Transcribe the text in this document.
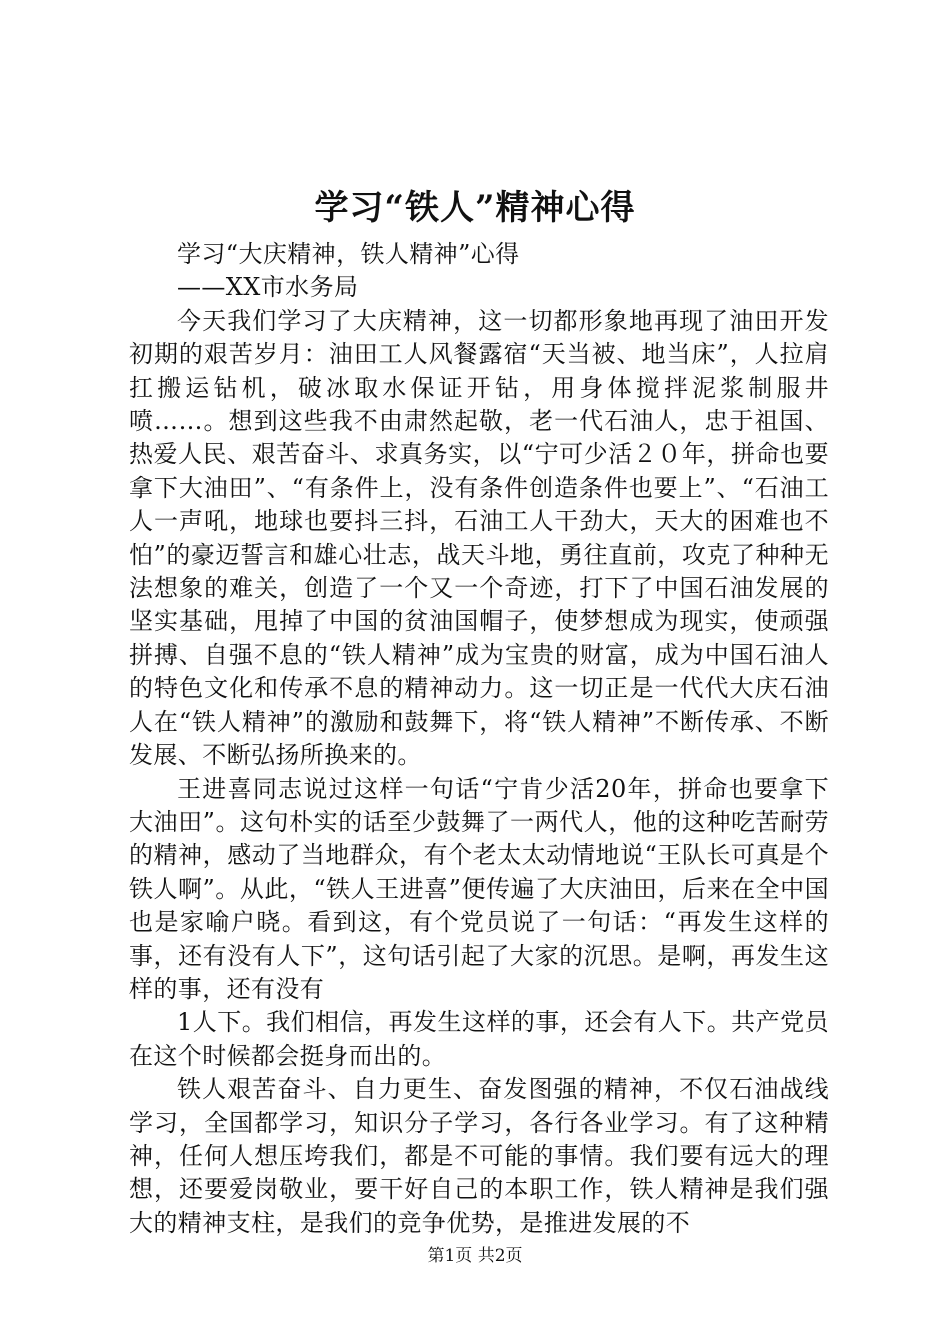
学习“铁人”精神心得

学习“大庆精神，铁人精神”心得

——XX市水务局

今天我们学习了大庆精神，这一切都形象地再现了油田开发初期的艰苦岁月：油田工人风餐露宿“天当被、地当床”，人拉肩扛搬运钻机，破冰取水保证开钻，用身体搅拌泥浆制服井喷……。想到这些我不由肃然起敬，老一代石油人，忠于祖国、热爱人民、艰苦奋斗、求真务实，以“宁可少活２０年，拼命也要拿下大油田”、“有条件上，没有条件创造条件也要上”、“石油工人一声吼，地球也要抖三抖，石油工人干劲大，天大的困难也不怕”的豪迈誓言和雄心壮志，战天斗地，勇往直前，攻克了种种无法想象的难关，创造了一个又一个奇迹，打下了中国石油发展的坚实基础，甩掉了中国的贫油国帽子，使梦想成为现实，使顽强拼搏、自强不息的“铁人精神”成为宝贵的财富，成为中国石油人的特色文化和传承不息的精神动力。这一切正是一代代大庆石油人在“铁人精神”的激励和鼓舞下，将“铁人精神”不断传承、不断发展、不断弘扬所换来的。

王进喜同志说过这样一句话“宁肯少活20年，拼命也要拿下大油田”。这句朴实的话至少鼓舞了一两代人，他的这种吃苦耐劳的精神，感动了当地群众，有个老太太动情地说“王队长可真是个铁人啊”。从此，“铁人王进喜”便传遍了大庆油田，后来在全中国也是家喻户晓。看到这，有个党员说了一句话：“再发生这样的事，还有没有人下”，这句话引起了大家的沉思。是啊，再发生这样的事，还有没有

1人下。我们相信，再发生这样的事，还会有人下。共产党员在这个时候都会挺身而出的。

铁人艰苦奋斗、自力更生、奋发图强的精神，不仅石油战线学习，全国都学习，知识分子学习，各行各业学习。有了这种精神，任何人想压垮我们，都是不可能的事情。我们要有远大的理想，还要爱岗敬业，要干好自己的本职工作，铁人精神是我们强大的精神支柱，是我们的竞争优势，是推进发展的不

第1页 共2页
